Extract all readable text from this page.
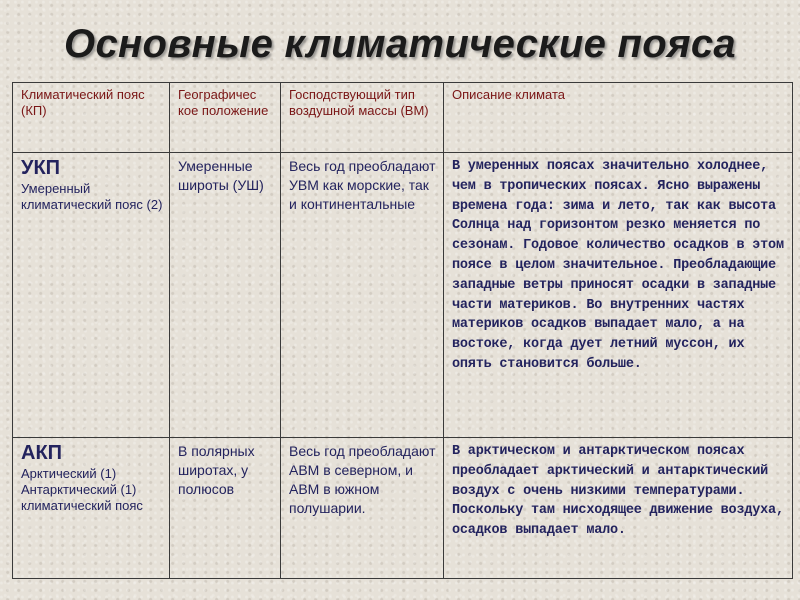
Основные климатические пояса
Климатический пояс (КП)	Географичес кое положение	Господствующий тип воздушной массы (ВМ)	Описание климата

УКП
Умеренный климатический пояс (2)	Умеренные широты (УШ)	Весь год преобладают УВМ как морские, так и континентальные	В умеренных поясах значительно холоднее, чем в тропических поясах. Ясно выражены времена года: зима и лето, так как высота Солнца над горизонтом резко меняется по сезонам. Годовое количество осадков в этом поясе в целом значительное. Преобладающие западные ветры приносят осадки в западные части материков. Во внутренних частях материков осадков выпадает мало, а на востоке, когда дует летний муссон, их опять становится больше.

АКП
Арктический (1) Антарктический (1) климатический пояс	В полярных широтах, у полюсов	Весь год преобладают АВМ в северном, и АВМ в южном полушарии.	В арктическом и антарктическом поясах преобладает арктический и антарктический воздух с очень низкими температурами. Поскольку там нисходящее движение воздуха, осадков выпадает мало.
